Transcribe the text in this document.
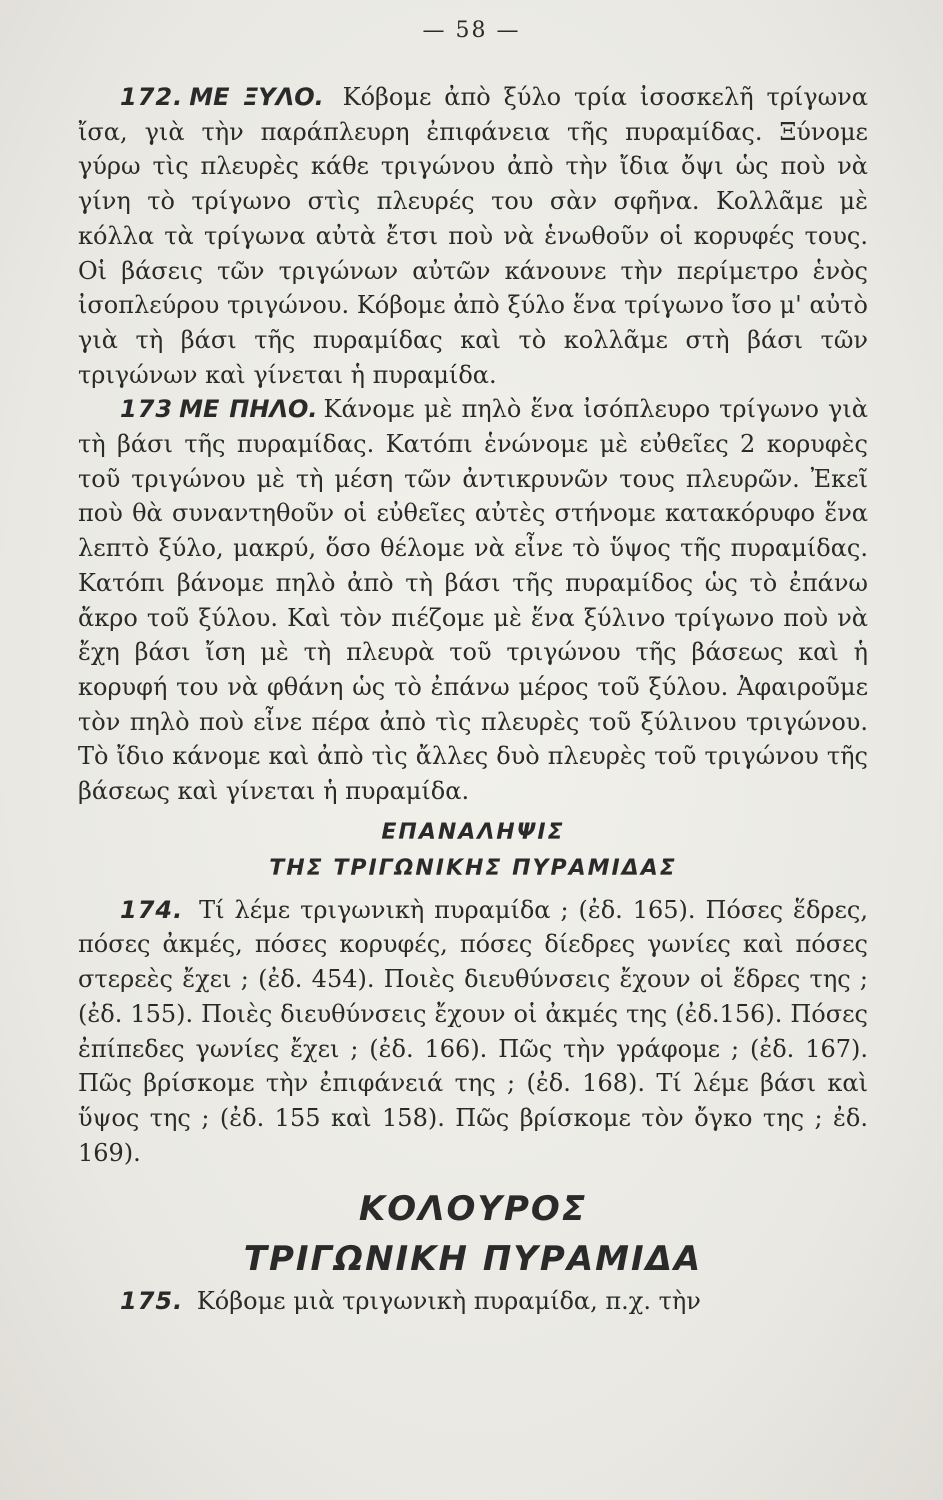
— 58 —

172. ΜΕ ΞΥΛΟ. Κόβομε ἀπὸ ξύλο τρία ἰσοσκελῆ τρίγωνα ἴσα, γιὰ τὴν παράπλευρη ἐπιφάνεια τῆς πυραμίδας. Ξύνομε γύρω τὶς πλευρὲς κάθε τριγώνου ἀπὸ τὴν ἴδια ὄψι ὡς ποὺ νὰ γίνη τὸ τρίγωνο στὶς πλευρές του σὰν σφῆνα. Κολλᾶμε μὲ κόλλα τὰ τρίγωνα αὐτὰ ἔτσι ποὺ νὰ ἑνωθοῦν οἱ κορυφές τους. Οἱ βάσεις τῶν τριγώνων αὐτῶν κάνουνε τὴν περίμετρο ἑνὸς ἰσοπλεύρου τριγώνου. Κόβομε ἀπὸ ξύλο ἕνα τρίγωνο ἴσο μ' αὐτὸ γιὰ τὴ βάσι τῆς πυραμίδας καὶ τὸ κολλᾶμε στὴ βάσι τῶν τριγώνων καὶ γίνεται ἡ πυραμίδα.

173 ΜΕ ΠΗΛΟ. Κάνομε μὲ πηλὸ ἕνα ἰσόπλευρο τρίγωνο γιὰ τὴ βάσι τῆς πυραμίδας. Κατόπι ἑνώνομε μὲ εὐθεῖες 2 κορυφὲς τοῦ τριγώνου μὲ τὴ μέση τῶν ἀντικρυνῶν τους πλευρῶν. Ἐκεῖ ποὺ θὰ συναντηθοῦν οἱ εὐθεῖες αὐτὲς στήνομε κατακόρυφο ἕνα λεπτὸ ξύλο, μακρύ, ὅσο θέλομε νὰ εἶνε τὸ ὕψος τῆς πυραμίδας. Κατόπι βάνομε πηλὸ ἀπὸ τὴ βάσι τῆς πυραμίδος ὡς τὸ ἐπάνω ἄκρο τοῦ ξύλου. Καὶ τὸν πιέζομε μὲ ἕνα ξύλινο τρίγωνο ποὺ νὰ ἔχη βάσι ἴση μὲ τὴ πλευρὰ τοῦ τριγώνου τῆς βάσεως καὶ ἡ κορυφή του νὰ φθάνη ὡς τὸ ἐπάνω μέρος τοῦ ξύλου. Ἀφαιροῦμε τὸν πηλὸ ποὺ εἶνε πέρα ἀπὸ τὶς πλευρὲς τοῦ ξύλινου τριγώνου. Τὸ ἴδιο κάνομε καὶ ἀπὸ τὶς ἄλλες δυὸ πλευρὲς τοῦ τριγώνου τῆς βάσεως καὶ γίνεται ἡ πυραμίδα.

ΕΠΑΝΑΛΗΨΙΣ

ΤΗΣ ΤΡΙΓΩΝΙΚΗΣ ΠΥΡΑΜΙΔΑΣ

174. Τί λέμε τριγωνικὴ πυραμίδα ; (ἐδ. 165). Πόσες ἕδρες, πόσες ἀκμές, πόσες κορυφές, πόσες δίεδρες γωνίες καὶ πόσες στερεὲς ἔχει ; (ἐδ. 454). Ποιὲς διευθύνσεις ἔχουν οἱ ἕδρες της ; (ἐδ. 155). Ποιὲς διευθύνσεις ἔχουν οἱ ἀκμές της (ἐδ.156). Πόσες ἐπίπεδες γωνίες ἔχει ; (ἐδ. 166). Πῶς τὴν γράφομε ; (ἐδ. 167). Πῶς βρίσκομε τὴν ἐπιφάνειά της ; (ἐδ. 168). Τί λέμε βάσι καὶ ὕψος της ; (ἐδ. 155 καὶ 158). Πῶς βρίσκομε τὸν ὄγκο της ; ἐδ. 169).

ΚΟΛΟΥΡΟΣ

ΤΡΙΓΩΝΙΚΗ ΠΥΡΑΜΙΔΑ

175. Κόβομε μιὰ τριγωνικὴ πυραμίδα, π.χ. τὴν
